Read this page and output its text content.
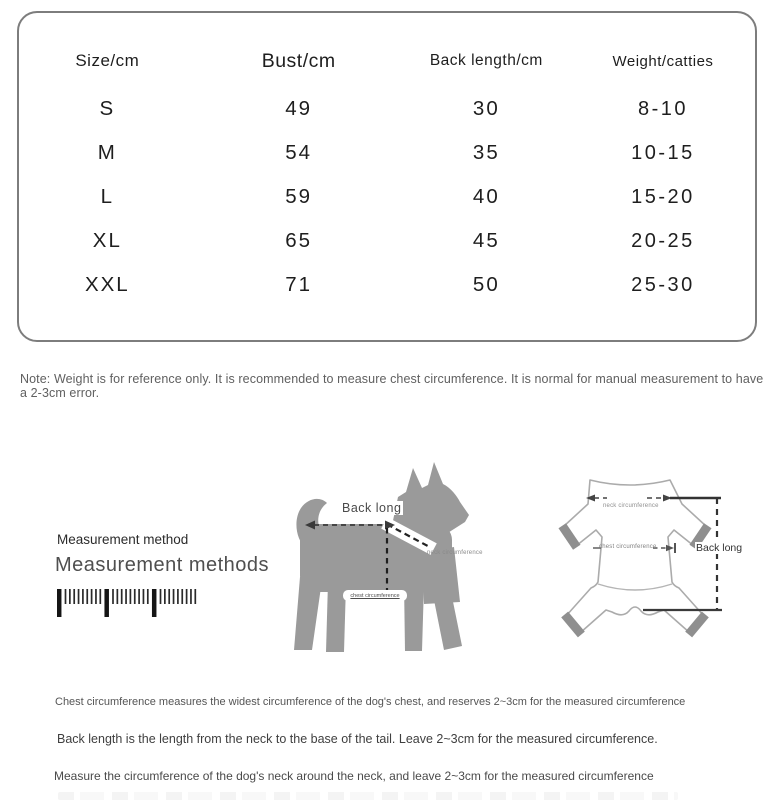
Size/cm	Bust/cm	Back length/cm	Weight/catties
S	49	30	8-10
M	54	35	10-15
L	59	40	15-20
XL	65	45	20-25
XXL	71	50	25-30
Note: Weight is for reference only. It is recommended to measure chest circumference. It is normal for manual measurement to have a 2-3cm error.
Measurement method
Measurement methods
Back long
neck circumference
chest circumference
neck circumference
chest circumference	Back long
Chest circumference measures the widest circumference of the dog's chest, and reserves 2~3cm for the measured circumference
Back length is the length from the neck to the base of the tail. Leave 2~3cm for the measured circumference.
Measure the circumference of the dog's neck around the neck, and leave 2~3cm for the measured circumference
